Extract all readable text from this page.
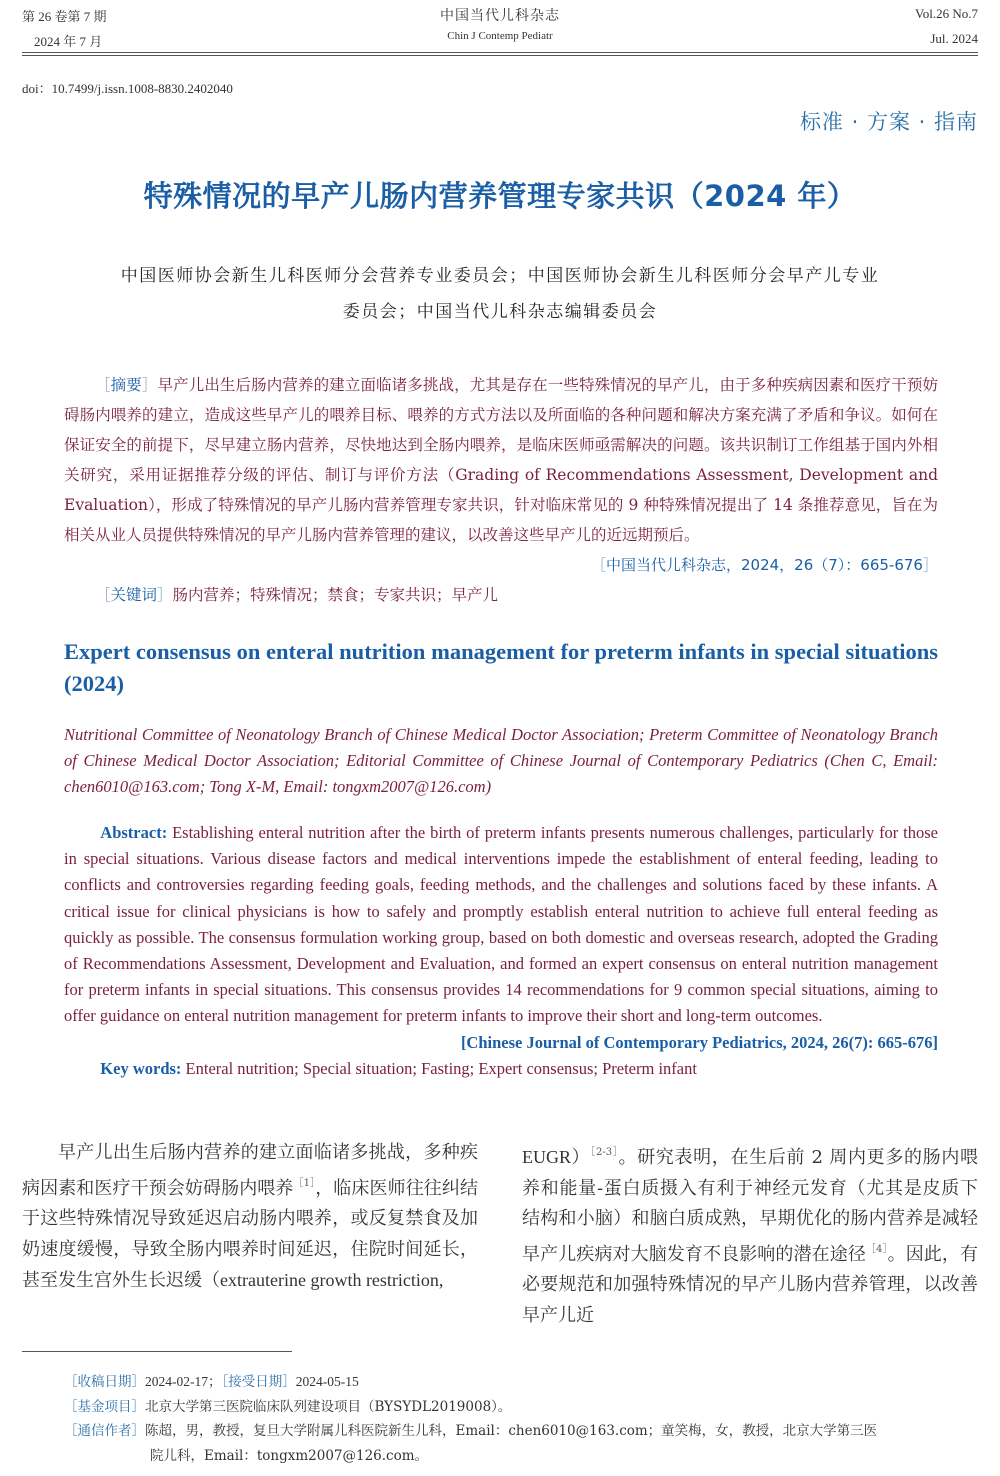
第 26 卷第 7 期
2024 年 7 月
中国当代儿科杂志
Chin J Contemp Pediatr
Vol.26 No.7
Jul. 2024
doi：10.7499/j.issn.1008-8830.2402040
标准 · 方案 · 指南
特殊情况的早产儿肠内营养管理专家共识（2024 年）
中国医师协会新生儿科医师分会营养专业委员会；中国医师协会新生儿科医师分会早产儿专业
委员会；中国当代儿科杂志编辑委员会

［摘要］早产儿出生后肠内营养的建立面临诸多挑战，尤其是存在一些特殊情况的早产儿，由于多种疾病因素和医疗干预妨碍肠内喂养的建立，造成这些早产儿的喂养目标、喂养的方式方法以及所面临的各种问题和解决方案充满了矛盾和争议。如何在保证安全的前提下，尽早建立肠内营养，尽快地达到全肠内喂养，是临床医师亟需解决的问题。该共识制订工作组基于国内外相关研究，采用证据推荐分级的评估、制订与评价方法（Grading of Recommendations Assessment, Development and Evaluation），形成了特殊情况的早产儿肠内营养管理专家共识，针对临床常见的 9 种特殊情况提出了 14 条推荐意见，旨在为相关从业人员提供特殊情况的早产儿肠内营养管理的建议，以改善这些早产儿的近远期预后。
［中国当代儿科杂志，2024，26（7）：665-676］

［关键词］肠内营养；特殊情况；禁食；专家共识；早产儿

Expert consensus on enteral nutrition management for preterm infants in special situations (2024)
Nutritional Committee of Neonatology Branch of Chinese Medical Doctor Association; Preterm Committee of Neonatology Branch of Chinese Medical Doctor Association; Editorial Committee of Chinese Journal of Contemporary Pediatrics (Chen C, Email: chen6010@163.com; Tong X-M, Email: tongxm2007@126.com)

Abstract: Establishing enteral nutrition after the birth of preterm infants presents numerous challenges, particularly for those in special situations. Various disease factors and medical interventions impede the establishment of enteral feeding, leading to conflicts and controversies regarding feeding goals, feeding methods, and the challenges and solutions faced by these infants. A critical issue for clinical physicians is how to safely and promptly establish enteral nutrition to achieve full enteral feeding as quickly as possible. The consensus formulation working group, based on both domestic and overseas research, adopted the Grading of Recommendations Assessment, Development and Evaluation, and formed an expert consensus on enteral nutrition management for preterm infants in special situations. This consensus provides 14 recommendations for 9 common special situations, aiming to offer guidance on enteral nutrition management for preterm infants to improve their short and long-term outcomes.

[Chinese Journal of Contemporary Pediatrics, 2024, 26(7): 665-676]

Key words: Enteral nutrition; Special situation; Fasting; Expert consensus; Preterm infant

早产儿出生后肠内营养的建立面临诸多挑战，多种疾病因素和医疗干预会妨碍肠内喂养$^{[1]}$，临床医师往往纠结于这些特殊情况导致延迟启动肠内喂养，或反复禁食及加奶速度缓慢，导致全肠内喂养时间延迟，住院时间延长，甚至发生宫外生长迟缓（extrauterine growth restriction,

EUGR）$^{[2-3]}$。研究表明，在生后前 2 周内更多的肠内喂养和能量-蛋白质摄入有利于神经元发育（尤其是皮质下结构和小脑）和脑白质成熟，早期优化的肠内营养是减轻早产儿疾病对大脑发育不良影响的潜在途径$^{[4]}$。因此，有必要规范和加强特殊情况的早产儿肠内营养管理，以改善早产儿近

［收稿日期］2024-02-17；［接受日期］2024-05-15
［基金项目］北京大学第三医院临床队列建设项目（BYSYDL2019008）。
［通信作者］陈超，男，教授，复旦大学附属儿科医院新生儿科，Email：chen6010@163.com；童笑梅，女，教授，北京大学第三医
院儿科，Email：tongxm2007@126.com。
